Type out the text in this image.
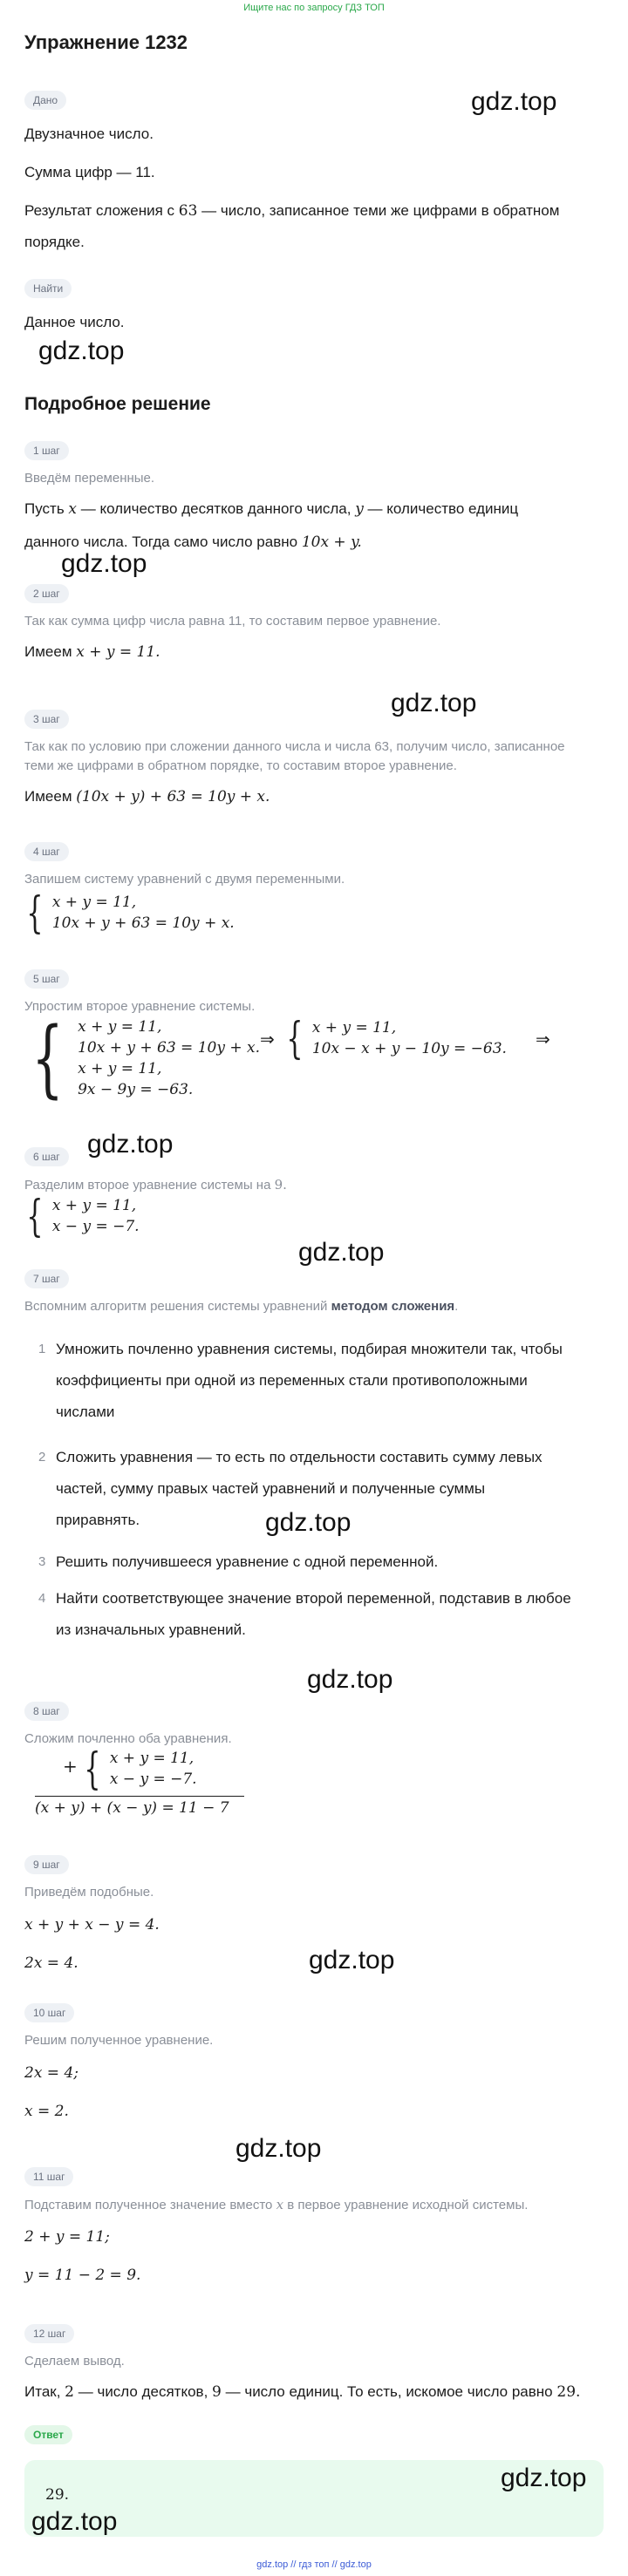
Ищите нас по запросу ГДЗ ТОП
Упражнение 1232
Дано	gdz.top
Двузначное число.
Сумма цифр — 11.
Результат сложения с 63 — число, записанное теми же цифрами в обратном
порядке.
Найти
Данное число.
gdz.top
Подробное решение
1 шаг
Введём переменные.
Пусть x — количество десятков данного числа, y — количество единиц
данного числа. Тогда само число равно 10x + y.
gdz.top
2 шаг
Так как сумма цифр числа равна 11, то составим первое уравнение.
Имеем x + y = 11.
gdz.top
3 шаг
Так как по условию при сложении данного числа и числа 63, получим число, записанное
теми же цифрами в обратном порядке, то составим второе уравнение.
Имеем (10x + y) + 63 = 10y + x.
4 шаг
Запишем систему уравнений с двумя переменными.
{ x + y = 11,
10x + y + 63 = 10y + x.
5 шаг
Упростим второе уравнение системы.
{ x + y = 11,
10x + y + 63 = 10y + x.
x + y = 11,
9x − 9y = −63.
⇒ { x + y = 11,
10x − x + y − 10y = −63. ⇒
gdz.top
6 шаг
Разделим второе уравнение системы на 9.
{ x + y = 11,
x − y = −7.
gdz.top
7 шаг
Вспомним алгоритм решения системы уравнений методом сложения.
1 Умножить почленно уравнения системы, подбирая множители так, чтобы
коэффициенты при одной из переменных стали противоположными
числами
2 Сложить уравнения — то есть по отдельности составить сумму левых
частей, сумму правых частей уравнений и полученные суммы
приравнять.	gdz.top
3 Решить получившееся уравнение с одной переменной.
4 Найти соответствующее значение второй переменной, подставив в любое
из изначальных уравнений.
gdz.top
8 шаг
Сложим почленно оба уравнения.
+ { x + y = 11,
x − y = −7.
(x + y) + (x − y) = 11 − 7
9 шаг
Приведём подобные.
x + y + x − y = 4.
2x = 4.	gdz.top
10 шаг
Решим полученное уравнение.
2x = 4;
x = 2.
gdz.top
11 шаг
Подставим полученное значение вместо x в первое уравнение исходной системы.
2 + y = 11;
y = 11 − 2 = 9.
12 шаг
Сделаем вывод.
Итак, 2 — число десятков, 9 — число единиц. То есть, искомое число равно 29.
Ответ
29.
gdz.top
gdz.top
gdz.top // гдз топ // gdz.top
